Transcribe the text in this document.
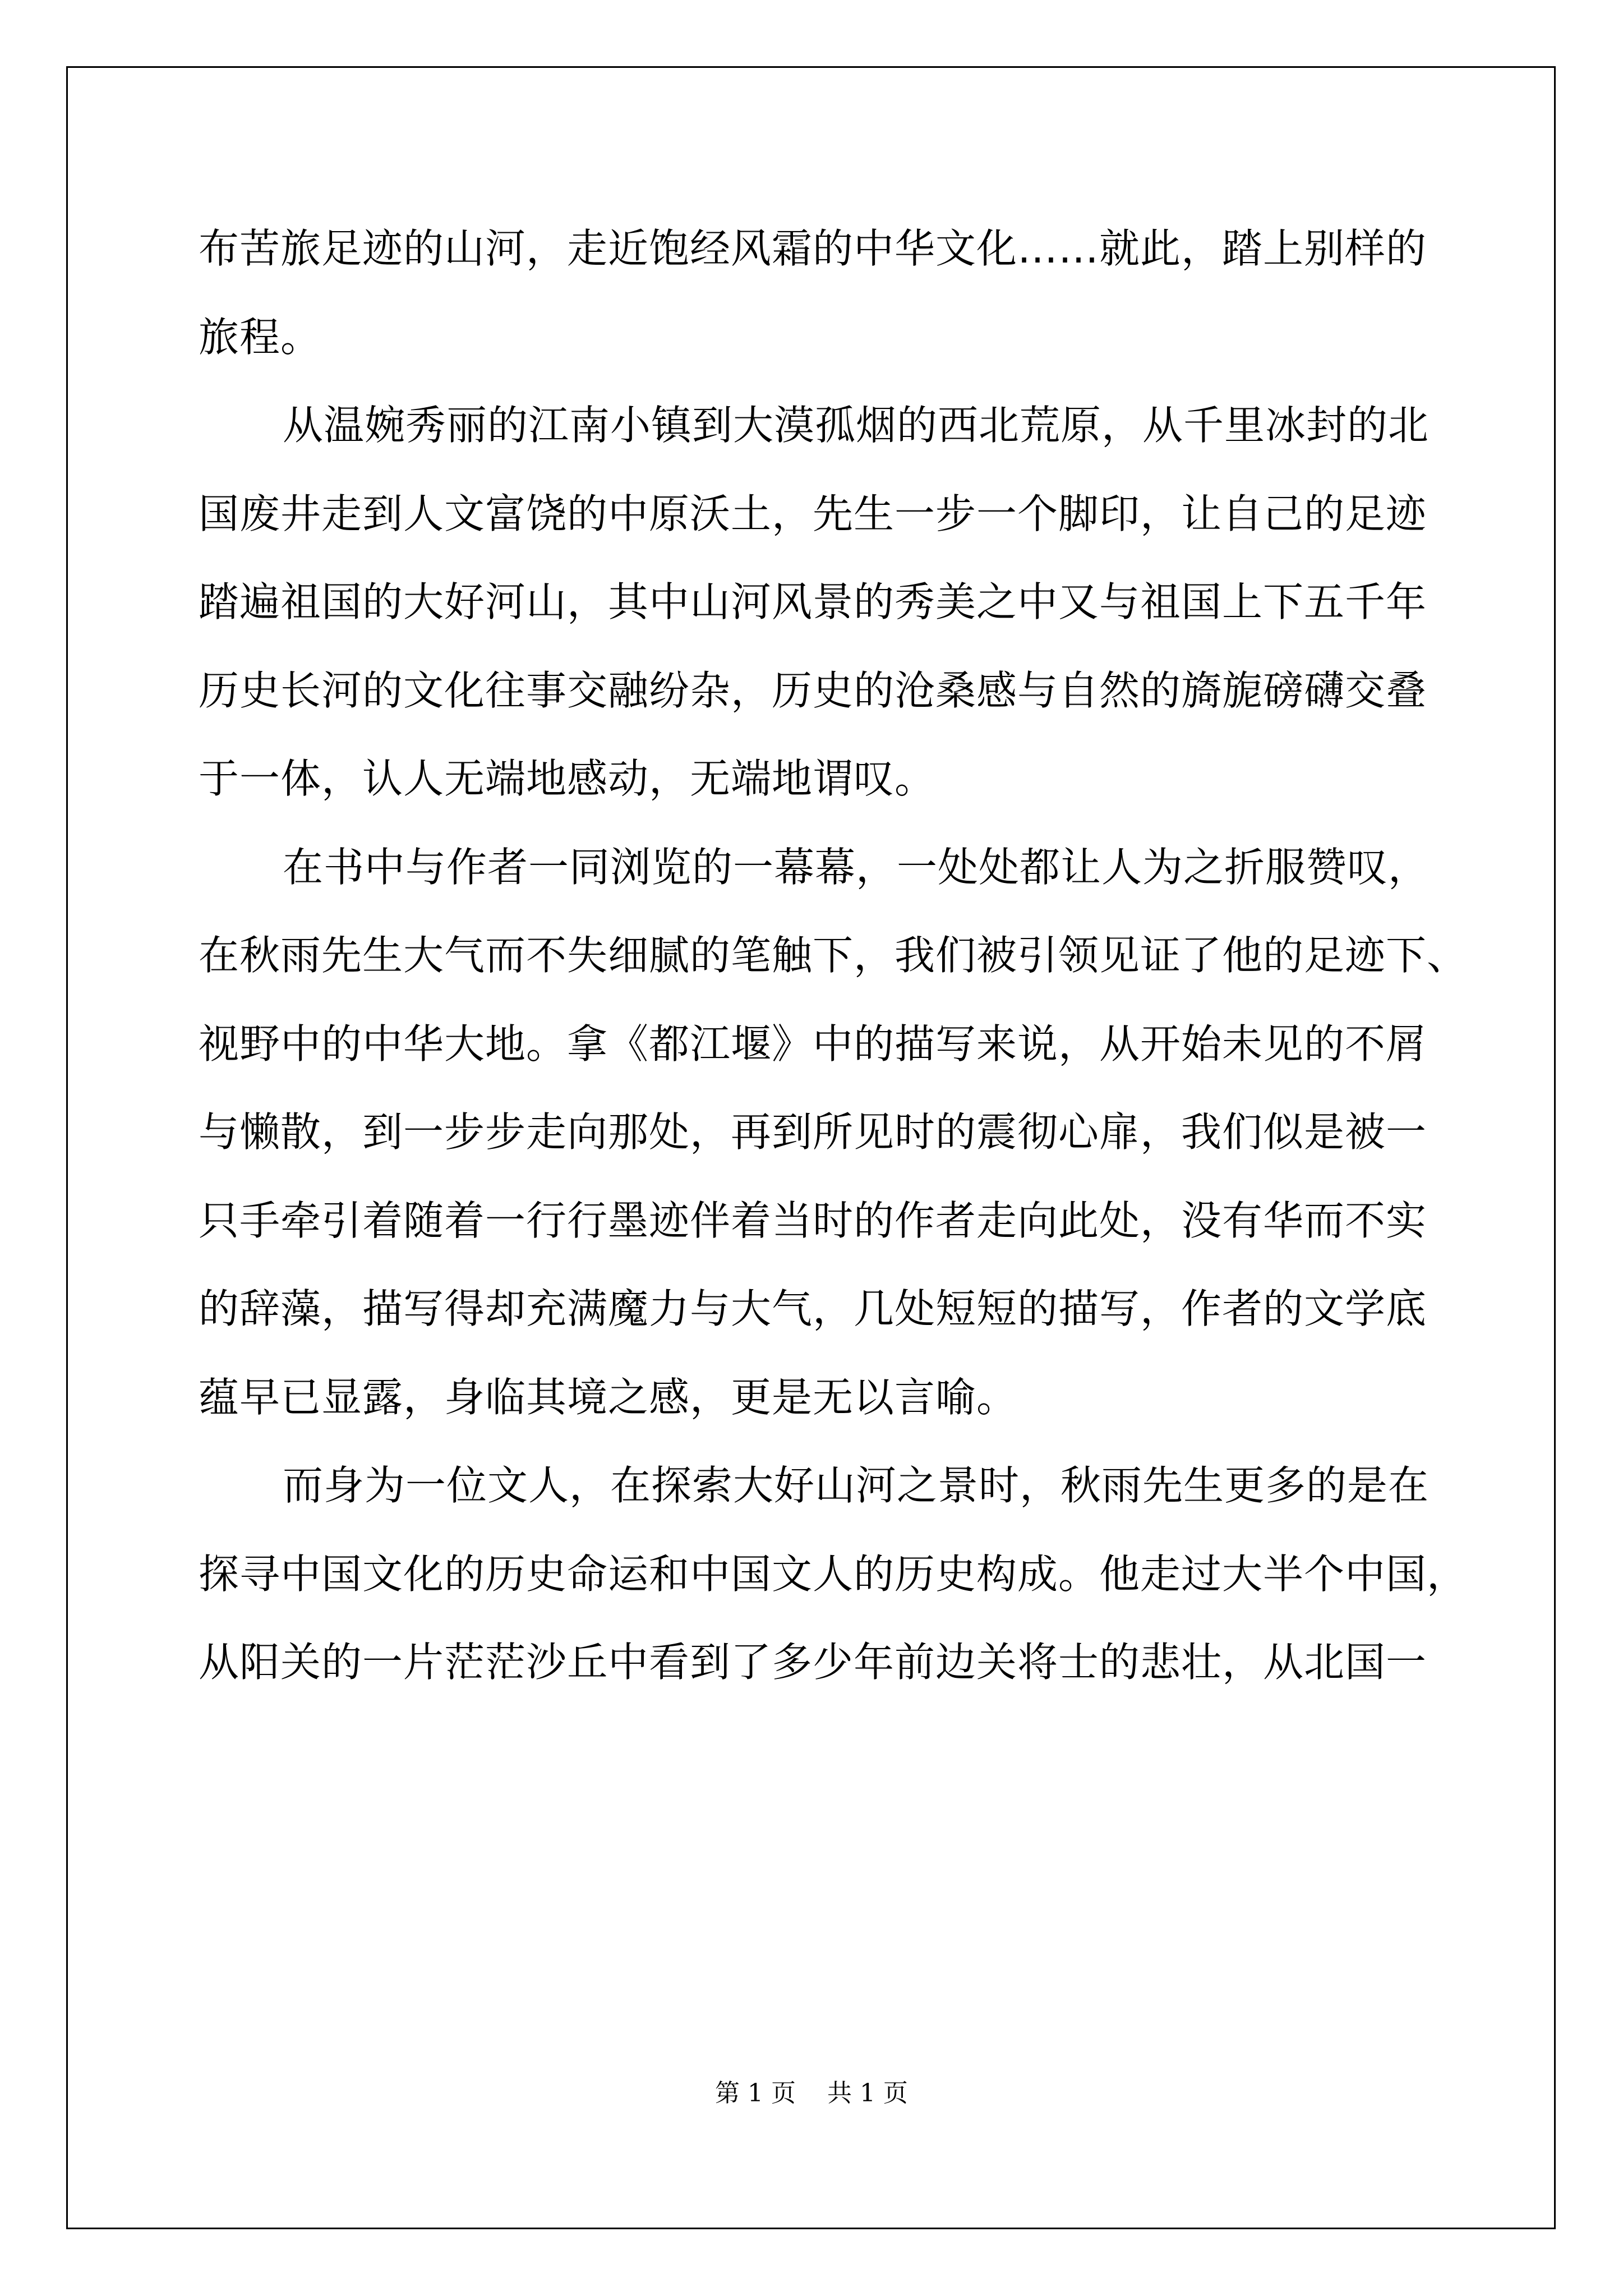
布苦旅足迹的山河，走近饱经风霜的中华文化……就此，踏上别样的
旅程。
从温婉秀丽的江南小镇到大漠孤烟的西北荒原，从千里冰封的北
国废井走到人文富饶的中原沃土，先生一步一个脚印，让自己的足迹
踏遍祖国的大好河山，其中山河风景的秀美之中又与祖国上下五千年
历史长河的文化往事交融纷杂，历史的沧桑感与自然的旖旎磅礴交叠
于一体，认人无端地感动，无端地谓叹。
在书中与作者一同浏览的一幕幕，一处处都让人为之折服赞叹，
在秋雨先生大气而不失细腻的笔触下，我们被引领见证了他的足迹下、
视野中的中华大地。拿《都江堰》中的描写来说，从开始未见的不屑
与懒散，到一步步走向那处，再到所见时的震彻心扉，我们似是被一
只手牵引着随着一行行墨迹伴着当时的作者走向此处，没有华而不实
的辞藻，描写得却充满魔力与大气，几处短短的描写，作者的文学底
蕴早已显露，身临其境之感，更是无以言喻。
而身为一位文人，在探索大好山河之景时，秋雨先生更多的是在
探寻中国文化的历史命运和中国文人的历史构成。他走过大半个中国，
从阳关的一片茫茫沙丘中看到了多少年前边关将士的悲壮，从北国一
第 1 页    共 1 页
